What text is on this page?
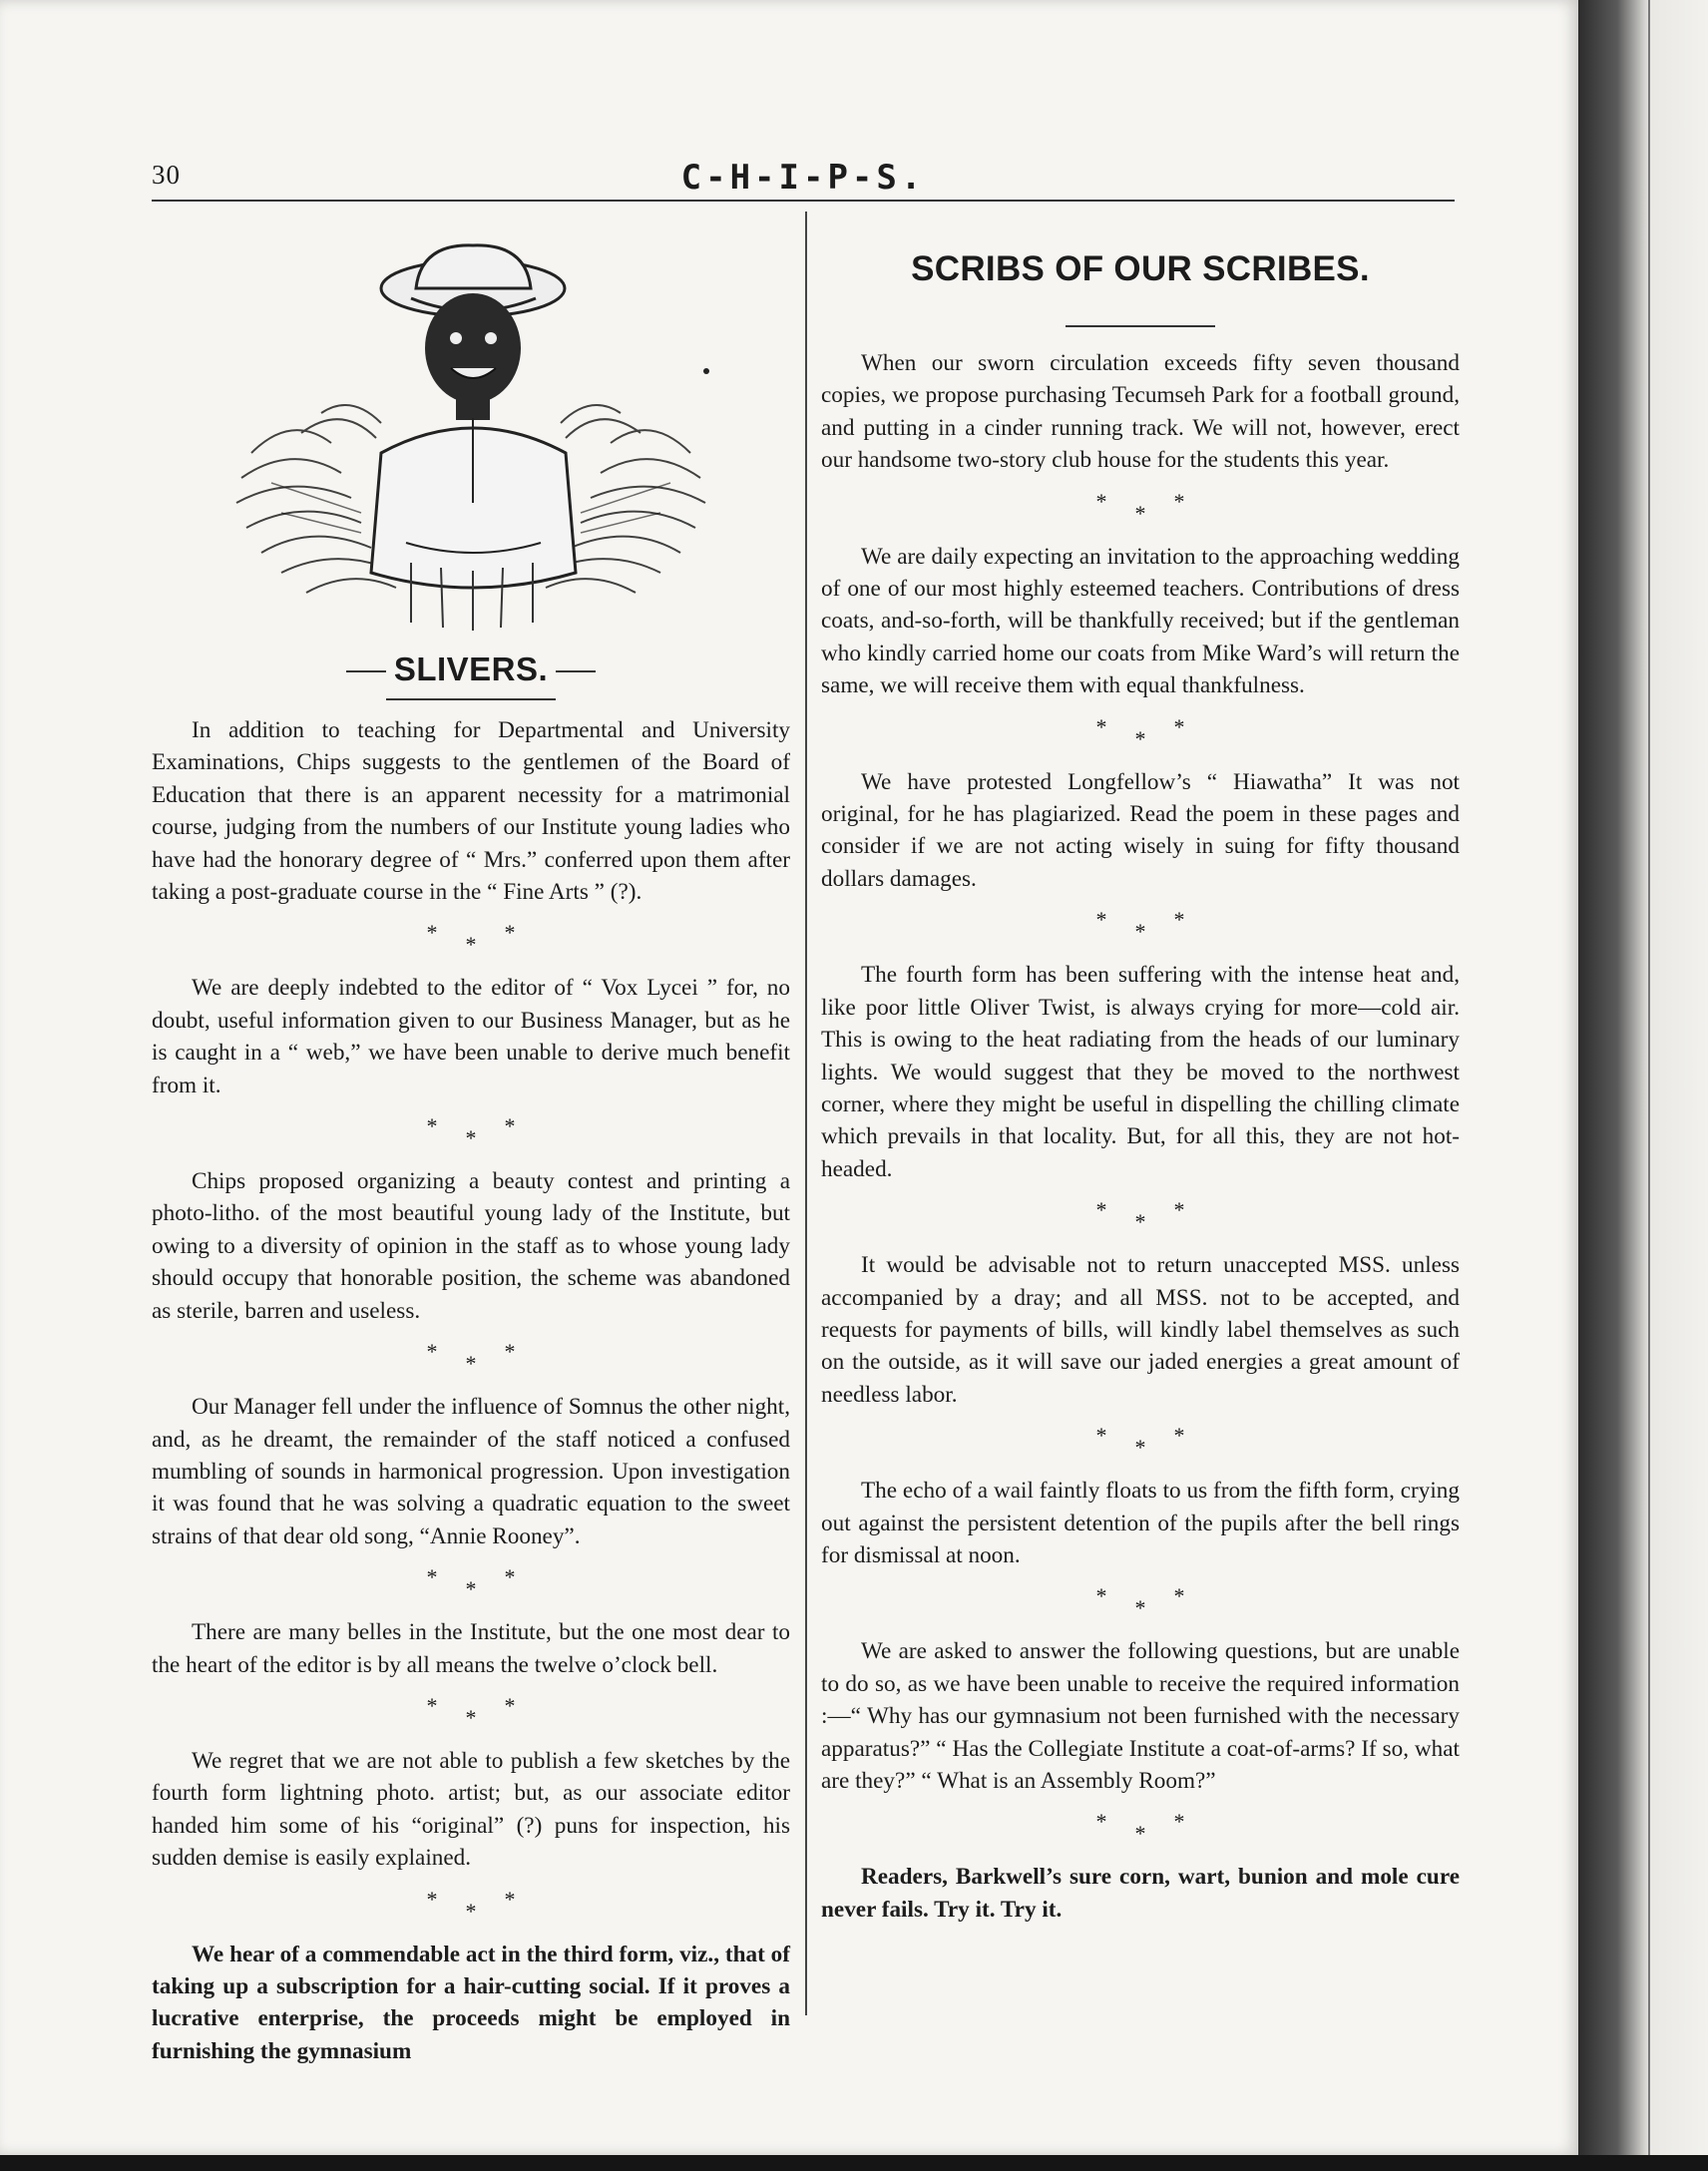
30	C-H-I-P-S.
SLIVERS.

In addition to teaching for Departmental and University Examinations, Chips suggests to the gentlemen of the Board of Education that there is an apparent necessity for a matrimonial course, judging from the numbers of our Institute young ladies who have had the honorary degree of “ Mrs.” conferred upon them after taking a post-graduate course in the “ Fine Arts ” (?).

***

We are deeply indebted to the editor of “ Vox Lycei ” for, no doubt, useful information given to our Business Manager, but as he is caught in a “ web,” we have been unable to derive much benefit from it.

***

Chips proposed organizing a beauty contest and printing a photo-litho. of the most beautiful young lady of the Institute, but owing to a diversity of opinion in the staff as to whose young lady should occupy that honorable position, the scheme was abandoned as sterile, barren and useless.

***

Our Manager fell under the influence of Somnus the other night, and, as he dreamt, the remainder of the staff noticed a confused mumbling of sounds in harmonical progression. Upon investigation it was found that he was solving a quadratic equation to the sweet strains of that dear old song, “Annie Rooney”.

***

There are many belles in the Institute, but the one most dear to the heart of the editor is by all means the twelve o’clock bell.

***

We regret that we are not able to publish a few sketches by the fourth form lightning photo. artist; but, as our associate editor handed him some of his “original” (?) puns for inspection, his sudden demise is easily explained.

***

We hear of a commendable act in the third form, viz., that of taking up a subscription for a hair-cutting social. If it proves a lucrative enterprise, the proceeds might be employed in furnishing the gymnasium

SCRIBS OF OUR SCRIBES.

When our sworn circulation exceeds fifty seven thousand copies, we propose purchasing Tecumseh Park for a football ground, and putting in a cinder running track. We will not, however, erect our handsome two-story club house for the students this year.

***

We are daily expecting an invitation to the approaching wedding of one of our most highly esteemed teachers. Contributions of dress coats, and-so-forth, will be thankfully received; but if the gentleman who kindly carried home our coats from Mike Ward’s will return the same, we will receive them with equal thankfulness.

***

We have protested Longfellow’s “ Hiawatha” It was not original, for he has plagiarized. Read the poem in these pages and consider if we are not acting wisely in suing for fifty thousand dollars damages.

***

The fourth form has been suffering with the intense heat and, like poor little Oliver Twist, is always crying for more—cold air. This is owing to the heat radiating from the heads of our luminary lights. We would suggest that they be moved to the northwest corner, where they might be useful in dispelling the chilling climate which prevails in that locality. But, for all this, they are not hot-headed.

***

It would be advisable not to return unaccepted MSS. unless accompanied by a dray; and all MSS. not to be accepted, and requests for payments of bills, will kindly label themselves as such on the outside, as it will save our jaded energies a great amount of needless labor.

***

The echo of a wail faintly floats to us from the fifth form, crying out against the persistent detention of the pupils after the bell rings for dismissal at noon.

***

We are asked to answer the following questions, but are unable to do so, as we have been unable to receive the required information :—“ Why has our gymnasium not been furnished with the necessary apparatus?” “ Has the Collegiate Institute a coat-of-arms? If so, what are they?” “ What is an Assembly Room?”

***

Readers, Barkwell’s sure corn, wart, bunion and mole cure never fails. Try it. Try it.
